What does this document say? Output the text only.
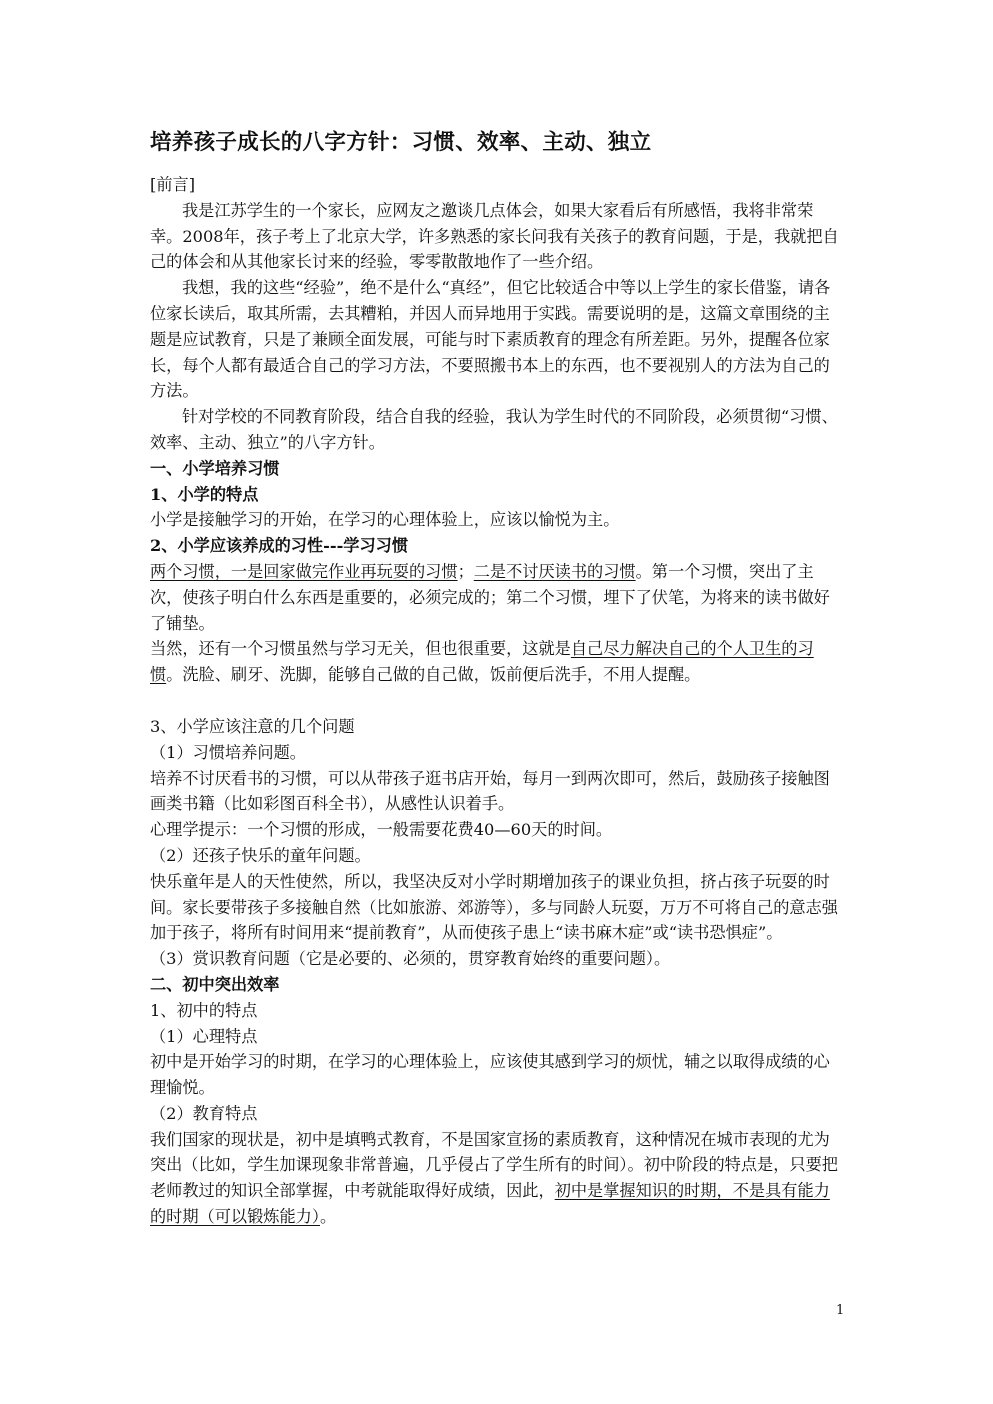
培养孩子成长的八字方针：习惯、效率、主动、独立

[前言]

我是江苏学生的一个家长，应网友之邀谈几点体会，如果大家看后有所感悟，我将非常荣幸。2008年，孩子考上了北京大学，许多熟悉的家长问我有关孩子的教育问题，于是，我就把自己的体会和从其他家长讨来的经验，零零散散地作了一些介绍。

我想，我的这些“经验”，绝不是什么“真经”，但它比较适合中等以上学生的家长借鉴，请各位家长读后，取其所需，去其糟粕，并因人而异地用于实践。需要说明的是，这篇文章围绕的主题是应试教育，只是了兼顾全面发展，可能与时下素质教育的理念有所差距。另外，提醒各位家长，每个人都有最适合自己的学习方法，不要照搬书本上的东西，也不要视别人的方法为自己的方法。

针对学校的不同教育阶段，结合自我的经验，我认为学生时代的不同阶段，必须贯彻“习惯、效率、主动、独立”的八字方针。

一、小学培养习惯

1、小学的特点

小学是接触学习的开始，在学习的心理体验上，应该以愉悦为主。

2、小学应该养成的习性---学习习惯

两个习惯，一是回家做完作业再玩耍的习惯；二是不讨厌读书的习惯。第一个习惯，突出了主次，使孩子明白什么东西是重要的，必须完成的；第二个习惯，埋下了伏笔，为将来的读书做好了铺垫。

当然，还有一个习惯虽然与学习无关，但也很重要，这就是自己尽力解决自己的个人卫生的习惯。洗脸、刷牙、洗脚，能够自己做的自己做，饭前便后洗手，不用人提醒。

3、小学应该注意的几个问题

（1）习惯培养问题。

培养不讨厌看书的习惯，可以从带孩子逛书店开始，每月一到两次即可，然后，鼓励孩子接触图画类书籍（比如彩图百科全书），从感性认识着手。

心理学提示：一个习惯的形成，一般需要花费40—60天的时间。

（2）还孩子快乐的童年问题。

快乐童年是人的天性使然，所以，我坚决反对小学时期增加孩子的课业负担，挤占孩子玩耍的时间。家长要带孩子多接触自然（比如旅游、郊游等），多与同龄人玩耍，万万不可将自己的意志强加于孩子，将所有时间用来“提前教育”，从而使孩子患上“读书麻木症”或“读书恐惧症”。

（3）赏识教育问题（它是必要的、必须的，贯穿教育始终的重要问题）。

二、初中突出效率

1、初中的特点

（1）心理特点

初中是开始学习的时期，在学习的心理体验上，应该使其感到学习的烦忧，辅之以取得成绩的心理愉悦。

（2）教育特点

我们国家的现状是，初中是填鸭式教育，不是国家宣扬的素质教育，这种情况在城市表现的尤为突出（比如，学生加课现象非常普遍，几乎侵占了学生所有的时间）。初中阶段的特点是，只要把老师教过的知识全部掌握，中考就能取得好成绩，因此，初中是掌握知识的时期，不是具有能力的时期（可以锻炼能力）。

1
